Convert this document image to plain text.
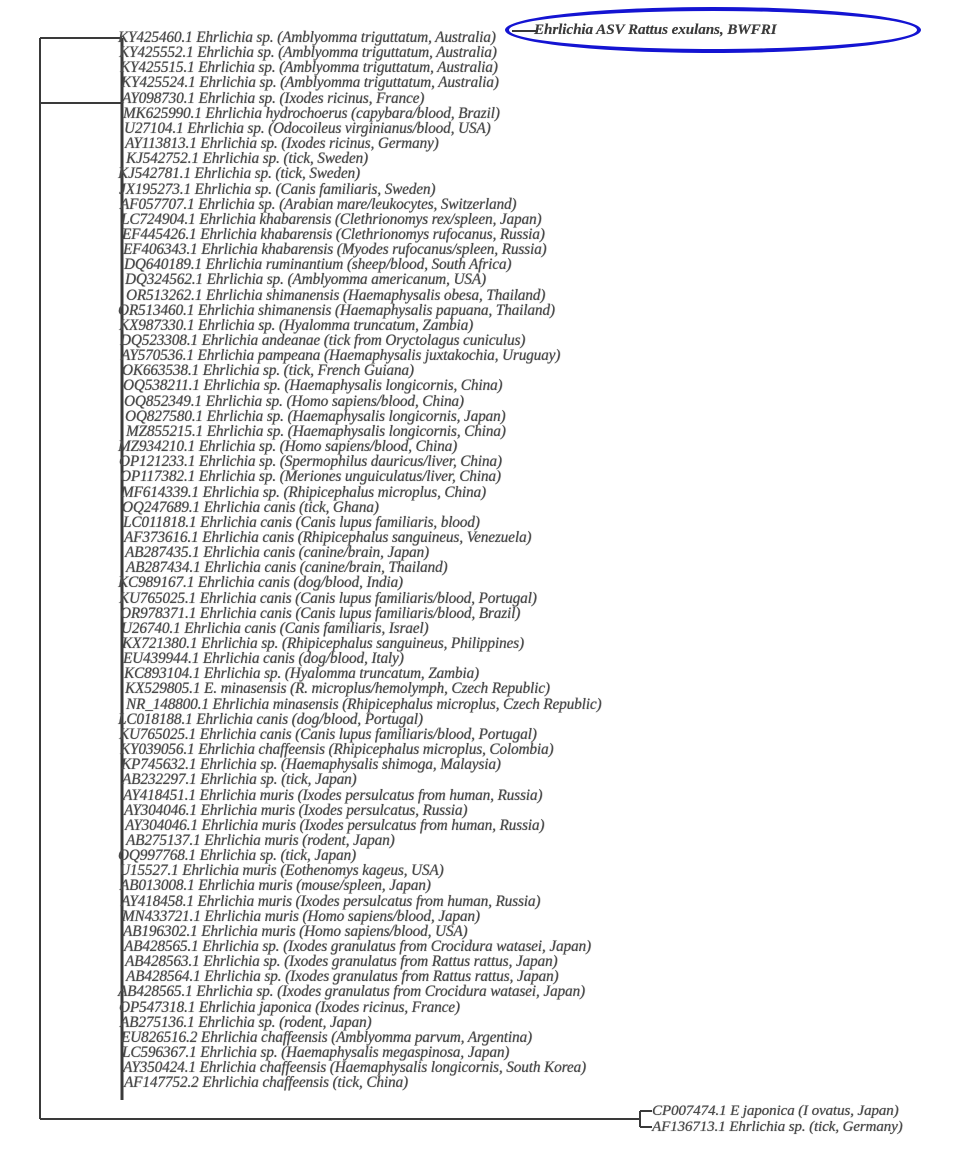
KY425460.1 Ehrlichia sp. (Amblyomma triguttatum, Australia)
KY425552.1 Ehrlichia sp. (Amblyomma triguttatum, Australia)
KY425515.1 Ehrlichia sp. (Amblyomma triguttatum, Australia)
KY425524.1 Ehrlichia sp. (Amblyomma triguttatum, Australia)
AY098730.1 Ehrlichia sp. (Ixodes ricinus, France)
MK625990.1 Ehrlichia hydrochoerus (capybara/blood, Brazil)
U27104.1 Ehrlichia sp. (Odocoileus virginianus/blood, USA)
AY113813.1 Ehrlichia sp. (Ixodes ricinus, Germany)
KJ542752.1 Ehrlichia sp. (tick, Sweden)
KJ542781.1 Ehrlichia sp. (tick, Sweden)
JX195273.1 Ehrlichia sp. (Canis familiaris, Sweden)
AF057707.1 Ehrlichia sp. (Arabian mare/leukocytes, Switzerland)
LC724904.1 Ehrlichia khabarensis (Clethrionomys rex/spleen, Japan)
EF445426.1 Ehrlichia khabarensis (Clethrionomys rufocanus, Russia)
EF406343.1 Ehrlichia khabarensis (Myodes rufocanus/spleen, Russia)
DQ640189.1 Ehrlichia ruminantium (sheep/blood, South Africa)
DQ324562.1 Ehrlichia sp. (Amblyomma americanum, USA)
OR513262.1 Ehrlichia shimanensis (Haemaphysalis obesa, Thailand)
OR513460.1 Ehrlichia shimanensis (Haemaphysalis papuana, Thailand)
KX987330.1 Ehrlichia sp. (Hyalomma truncatum, Zambia)
DQ523308.1 Ehrlichia andeanae (tick from Oryctolagus cuniculus)
AY570536.1 Ehrlichia pampeana (Haemaphysalis juxtakochia, Uruguay)
OK663538.1 Ehrlichia sp. (tick, French Guiana)
OQ538211.1 Ehrlichia sp. (Haemaphysalis longicornis, China)
OQ852349.1 Ehrlichia sp. (Homo sapiens/blood, China)
OQ827580.1 Ehrlichia sp. (Haemaphysalis longicornis, Japan)
MZ855215.1 Ehrlichia sp. (Haemaphysalis longicornis, China)
MZ934210.1 Ehrlichia sp. (Homo sapiens/blood, China)
OP121233.1 Ehrlichia sp. (Spermophilus dauricus/liver, China)
OP117382.1 Ehrlichia sp. (Meriones unguiculatus/liver, China)
MF614339.1 Ehrlichia sp. (Rhipicephalus microplus, China)
OQ247689.1 Ehrlichia canis (tick, Ghana)
LC011818.1 Ehrlichia canis (Canis lupus familiaris, blood)
AF373616.1 Ehrlichia canis (Rhipicephalus sanguineus, Venezuela)
AB287435.1 Ehrlichia canis (canine/brain, Japan)
AB287434.1 Ehrlichia canis (canine/brain, Thailand)
KC989167.1 Ehrlichia canis (dog/blood, India)
KU765025.1 Ehrlichia canis (Canis lupus familiaris/blood, Portugal)
OR978371.1 Ehrlichia canis (Canis lupus familiaris/blood, Brazil)
U26740.1 Ehrlichia canis (Canis familiaris, Israel)
KX721380.1 Ehrlichia sp. (Rhipicephalus sanguineus, Philippines)
EU439944.1 Ehrlichia canis (dog/blood, Italy)
KC893104.1 Ehrlichia sp. (Hyalomma truncatum, Zambia)
KX529805.1 E. minasensis (R. microplus/hemolymph, Czech Republic)
NR_148800.1 Ehrlichia minasensis (Rhipicephalus microplus, Czech Republic)
LC018188.1 Ehrlichia canis (dog/blood, Portugal)
KU765025.1 Ehrlichia canis (Canis lupus familiaris/blood, Portugal)
KY039056.1 Ehrlichia chaffeensis (Rhipicephalus microplus, Colombia)
KP745632.1 Ehrlichia sp. (Haemaphysalis shimoga, Malaysia)
AB232297.1 Ehrlichia sp. (tick, Japan)
AY418451.1 Ehrlichia muris (Ixodes persulcatus from human, Russia)
AY304046.1 Ehrlichia muris (Ixodes persulcatus, Russia)
AY304046.1 Ehrlichia muris (Ixodes persulcatus from human, Russia)
AB275137.1 Ehrlichia muris (rodent, Japan)
OQ997768.1 Ehrlichia sp. (tick, Japan)
U15527.1 Ehrlichia muris (Eothenomys kageus, USA)
AB013008.1 Ehrlichia muris (mouse/spleen, Japan)
AY418458.1 Ehrlichia muris (Ixodes persulcatus from human, Russia)
MN433721.1 Ehrlichia muris (Homo sapiens/blood, Japan)
AB196302.1 Ehrlichia muris (Homo sapiens/blood, USA)
AB428565.1 Ehrlichia sp. (Ixodes granulatus from Crocidura watasei, Japan)
AB428563.1 Ehrlichia sp. (Ixodes granulatus from Rattus rattus, Japan)
AB428564.1 Ehrlichia sp. (Ixodes granulatus from Rattus rattus, Japan)
AB428565.1 Ehrlichia sp. (Ixodes granulatus from Crocidura watasei, Japan)
OP547318.1 Ehrlichia japonica (Ixodes ricinus, France)
AB275136.1 Ehrlichia sp. (rodent, Japan)
EU826516.2 Ehrlichia chaffeensis (Amblyomma parvum, Argentina)
LC596367.1 Ehrlichia sp. (Haemaphysalis megaspinosa, Japan)
AY350424.1 Ehrlichia chaffeensis (Haemaphysalis longicornis, South Korea)
AF147752.2 Ehrlichia chaffeensis (tick, China)
CP007474.1 E japonica (I ovatus, Japan)
AF136713.1 Ehrlichia sp. (tick, Germany)
Ehrlichia ASV Rattus exulans, BWFRI
